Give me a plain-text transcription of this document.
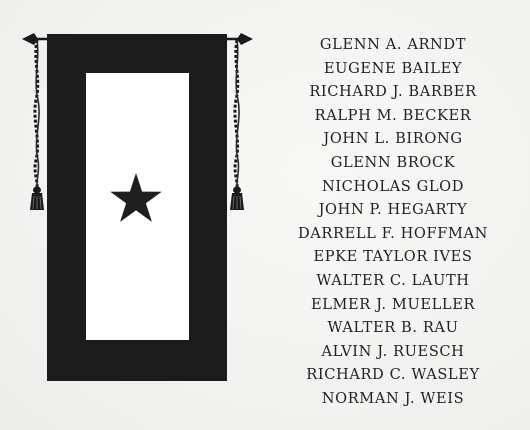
GLENN A. ARNDT
EUGENE BAILEY
RICHARD J. BARBER
RALPH M. BECKER
JOHN L. BIRONG
GLENN BROCK
NICHOLAS GLOD
JOHN P. HEGARTY
DARRELL F. HOFFMAN
EPKE TAYLOR IVES
WALTER C. LAUTH
ELMER J. MUELLER
WALTER B. RAU
ALVIN J. RUESCH
RICHARD C. WASLEY
NORMAN J. WEIS
